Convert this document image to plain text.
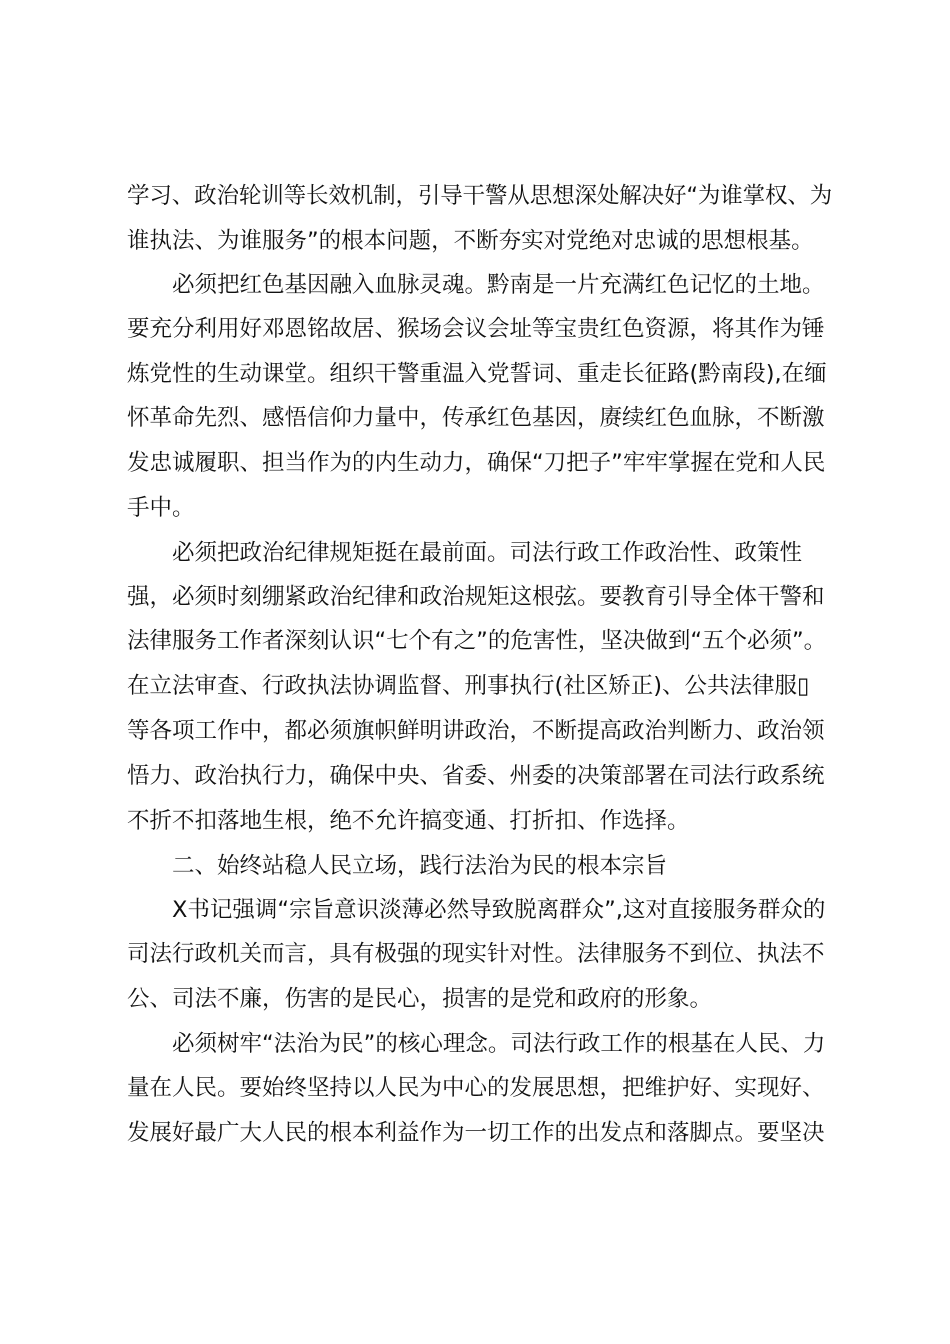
学习、政治轮训等长效机制，引导干警从思想深处解决好“为谁掌权、为
谁执法、为谁服务”的根本问题，不断夯实对党绝对忠诚的思想根基。
必须把红色基因融入血脉灵魂。黔南是一片充满红色记忆的土地。
要充分利用好邓恩铭故居、猴场会议会址等宝贵红色资源，将其作为锤
炼党性的生动课堂。组织干警重温入党誓词、重走长征路(黔南段),在缅
怀革命先烈、感悟信仰力量中，传承红色基因，赓续红色血脉，不断激
发忠诚履职、担当作为的内生动力，确保“刀把子”牢牢掌握在党和人民
手中。
必须把政治纪律规矩挺在最前面。司法行政工作政治性、政策性
强，必须时刻绷紧政治纪律和政治规矩这根弦。要教育引导全体干警和
法律服务工作者深刻认识“七个有之”的危害性，坚决做到“五个必须”。
在立法审查、行政执法协调监督、刑事执行(社区矫正)、公共法律服▯
等各项工作中，都必须旗帜鲜明讲政治，不断提高政治判断力、政治领
悟力、政治执行力，确保中央、省委、州委的决策部署在司法行政系统
不折不扣落地生根，绝不允许搞变通、打折扣、作选择。
二、始终站稳人民立场，践行法治为民的根本宗旨
X书记强调“宗旨意识淡薄必然导致脱离群众”,这对直接服务群众的
司法行政机关而言，具有极强的现实针对性。法律服务不到位、执法不
公、司法不廉，伤害的是民心，损害的是党和政府的形象。
必须树牢“法治为民”的核心理念。司法行政工作的根基在人民、力
量在人民。要始终坚持以人民为中心的发展思想，把维护好、实现好、
发展好最广大人民的根本利益作为一切工作的出发点和落脚点。要坚决
